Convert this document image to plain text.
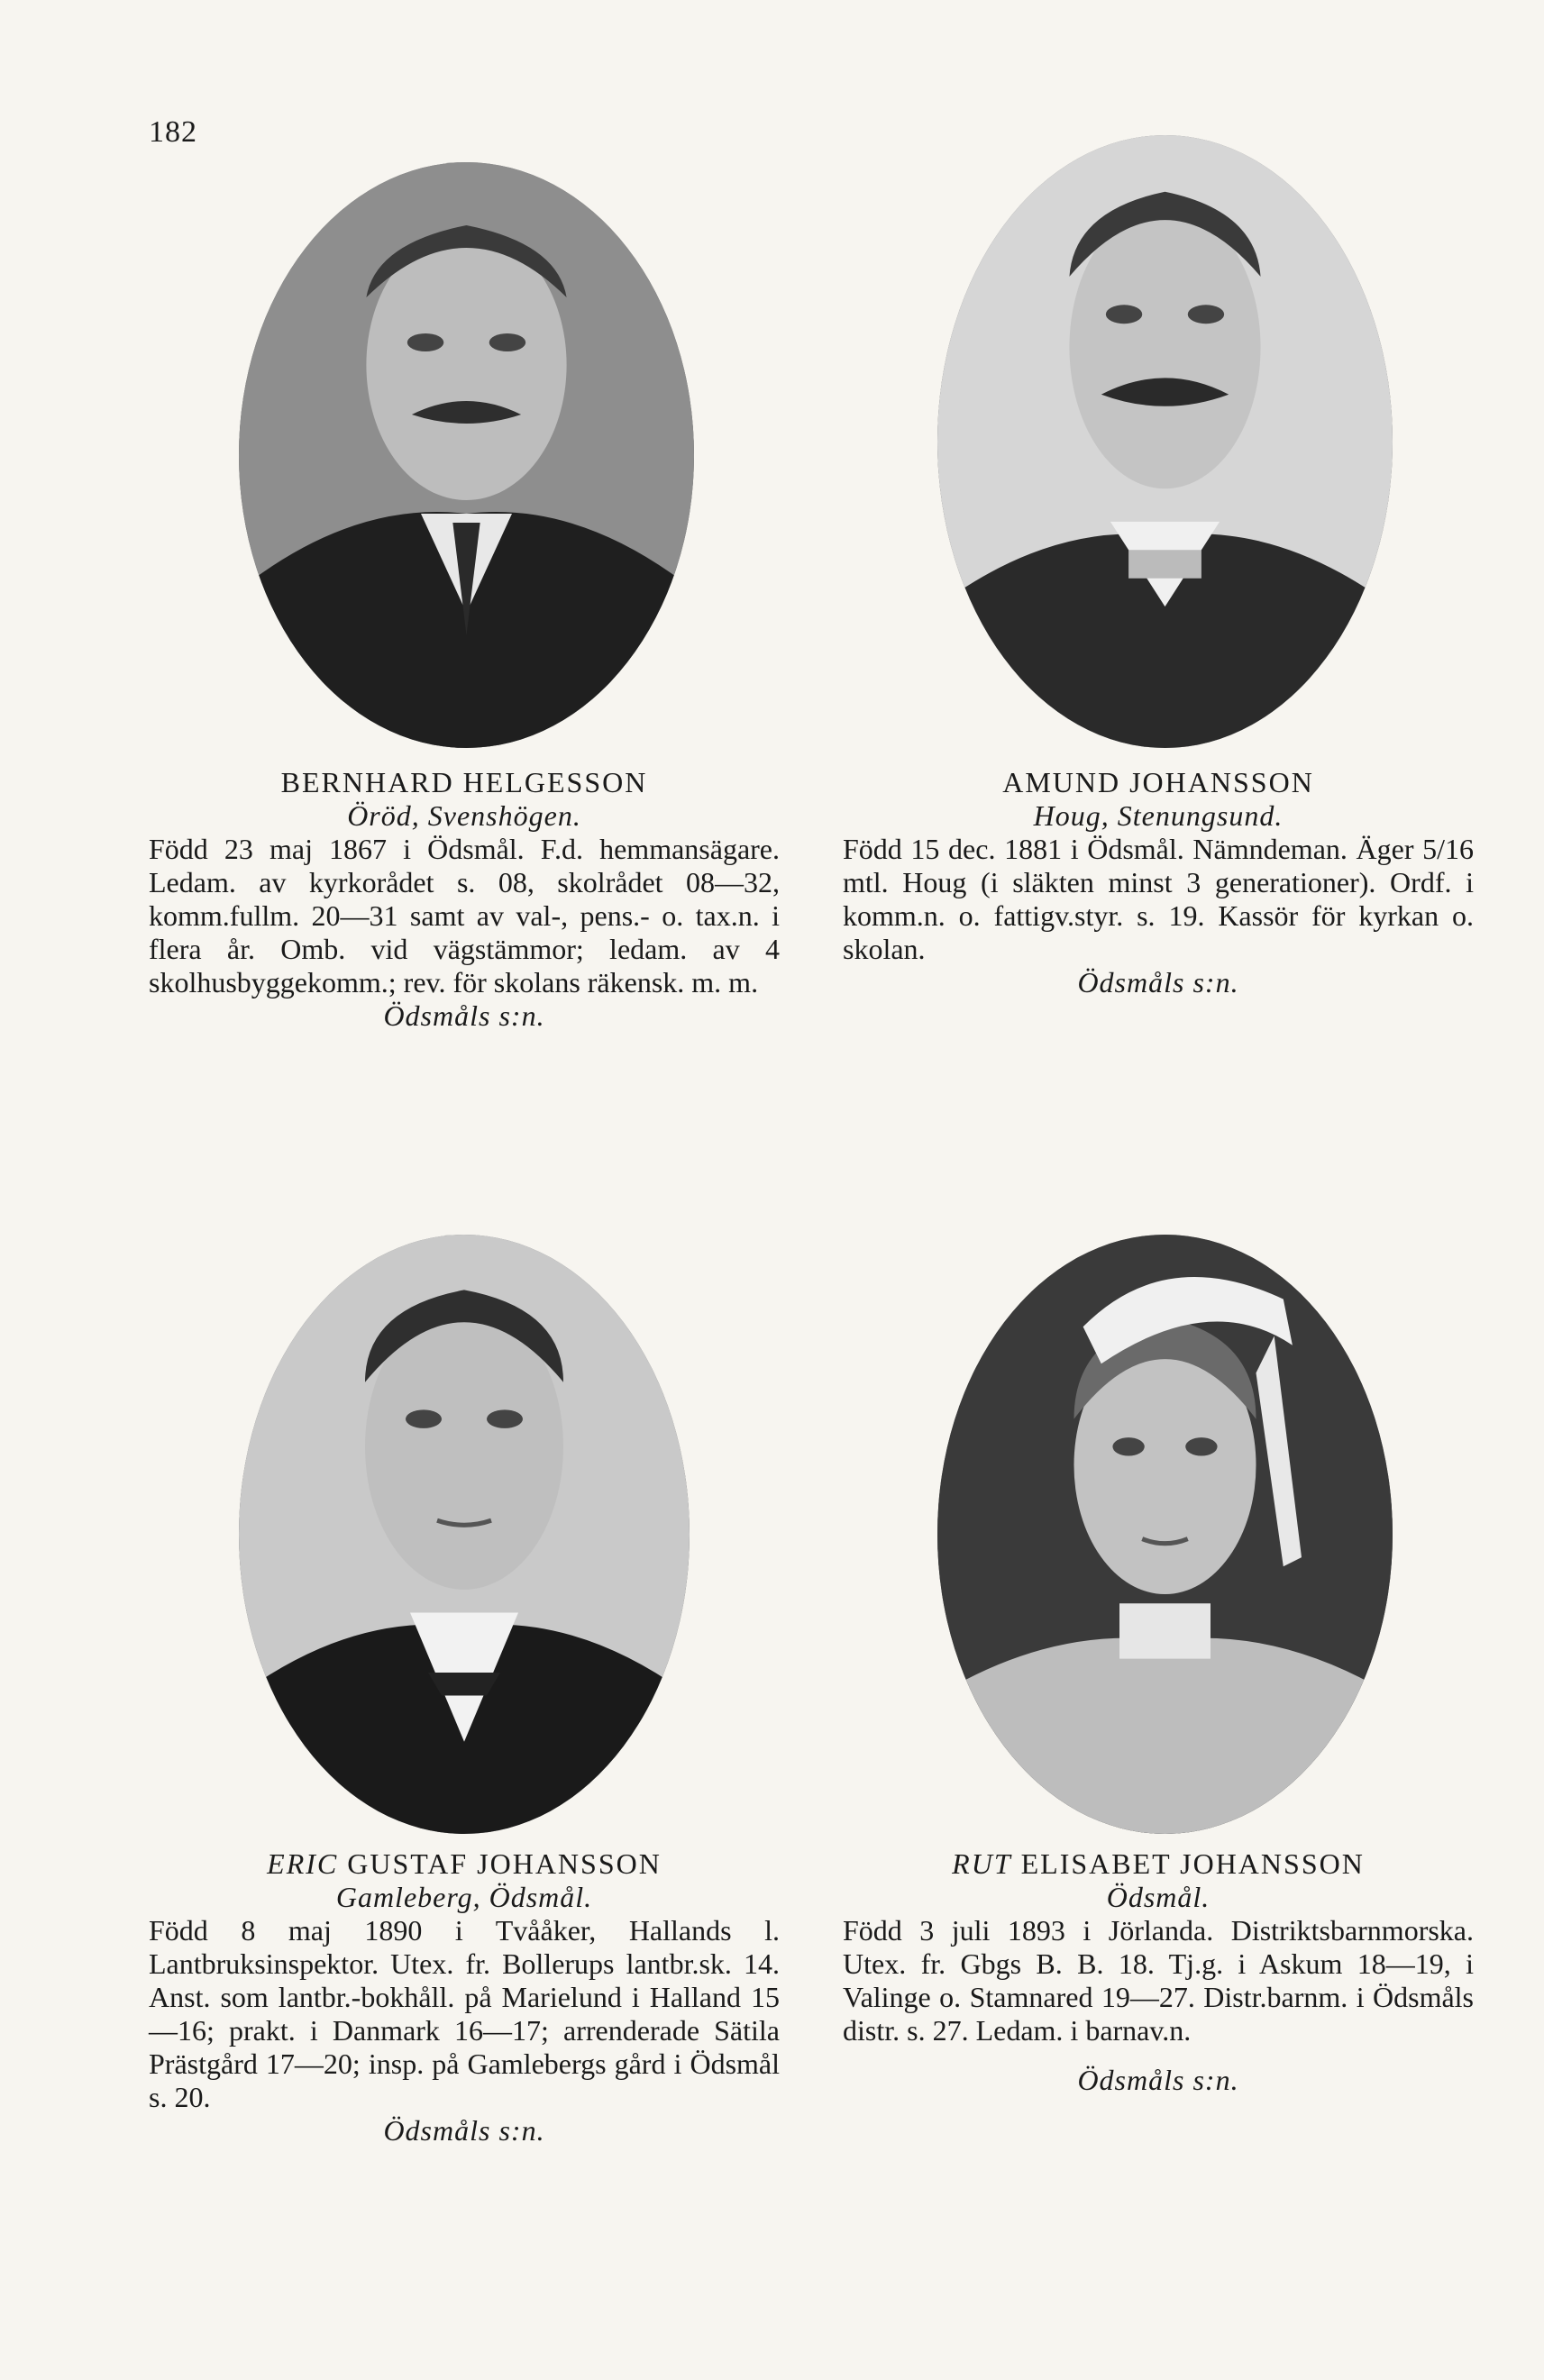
182
BERNHARD HELGESSON
Öröd, Svenshögen.
Född 23 maj 1867 i Ödsmål. F.d. hemmansägare. Ledam. av kyrkorådet s. 08, skolrådet 08—32, komm.fullm. 20—31 samt av val-, pens.- o. tax.n. i flera år. Omb. vid vägstämmor; ledam. av 4 skolhusbyggekomm.; rev. för skolans räkensk. m. m.
Ödsmåls s:n.
AMUND JOHANSSON
Houg, Stenungsund.
Född 15 dec. 1881 i Ödsmål. Nämndeman. Äger 5/16 mtl. Houg (i släkten minst 3 generationer). Ordf. i komm.n. o. fattigv.styr. s. 19. Kassör för kyrkan o. skolan.
Ödsmåls s:n.
ERIC GUSTAF JOHANSSON
Gamleberg, Ödsmål.
Född 8 maj 1890 i Tvååker, Hallands l. Lantbruksinspektor. Utex. fr. Bollerups lantbr.sk. 14. Anst. som lantbr.-bokhåll. på Marielund i Halland 15—16; prakt. i Danmark 16—17; arrenderade Sätila Prästgård 17—20; insp. på Gamlebergs gård i Ödsmål s. 20.
Ödsmåls s:n.
RUT ELISABET JOHANSSON
Ödsmål.
Född 3 juli 1893 i Jörlanda. Distriktsbarnmorska. Utex. fr. Gbgs B. B. 18. Tj.g. i Askum 18—19, i Valinge o. Stamnared 19—27. Distr.barnm. i Ödsmåls distr. s. 27. Ledam. i barnav.n.
Ödsmåls s:n.
